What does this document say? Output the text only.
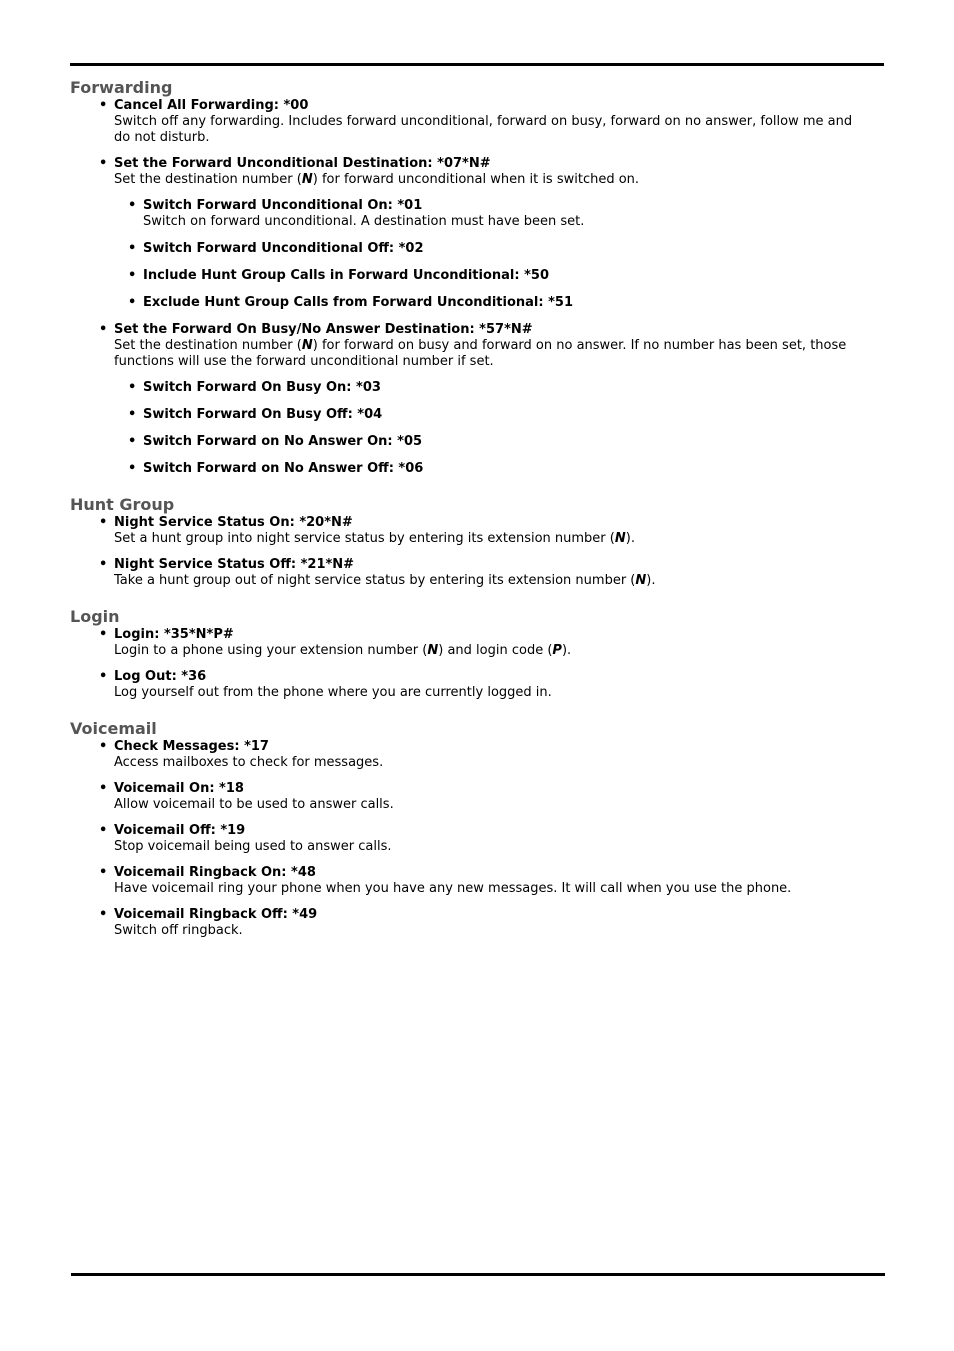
Forwarding
• Cancel All Forwarding: *00
Switch off any forwarding. Includes forward unconditional, forward on busy, forward on no answer, follow me and do not disturb.
• Set the Forward Unconditional Destination: *07*N#
Set the destination number (N) for forward unconditional when it is switched on.
• Switch Forward Unconditional On: *01
Switch on forward unconditional. A destination must have been set.
• Switch Forward Unconditional Off: *02
• Include Hunt Group Calls in Forward Unconditional: *50
• Exclude Hunt Group Calls from Forward Unconditional: *51
• Set the Forward On Busy/No Answer Destination: *57*N#
Set the destination number (N) for forward on busy and forward on no answer. If no number has been set, those functions will use the forward unconditional number if set.
• Switch Forward On Busy On: *03
• Switch Forward On Busy Off: *04
• Switch Forward on No Answer On: *05
• Switch Forward on No Answer Off: *06
Hunt Group
• Night Service Status On: *20*N#
Set a hunt group into night service status by entering its extension number (N).
• Night Service Status Off: *21*N#
Take a hunt group out of night service status by entering its extension number (N).
Login
• Login: *35*N*P#
Login to a phone using your extension number (N) and login code (P).
• Log Out: *36
Log yourself out from the phone where you are currently logged in.
Voicemail
• Check Messages: *17
Access mailboxes to check for messages.
• Voicemail On: *18
Allow voicemail to be used to answer calls.
• Voicemail Off: *19
Stop voicemail being used to answer calls.
• Voicemail Ringback On: *48
Have voicemail ring your phone when you have any new messages. It will call when you use the phone.
• Voicemail Ringback Off: *49
Switch off ringback.
